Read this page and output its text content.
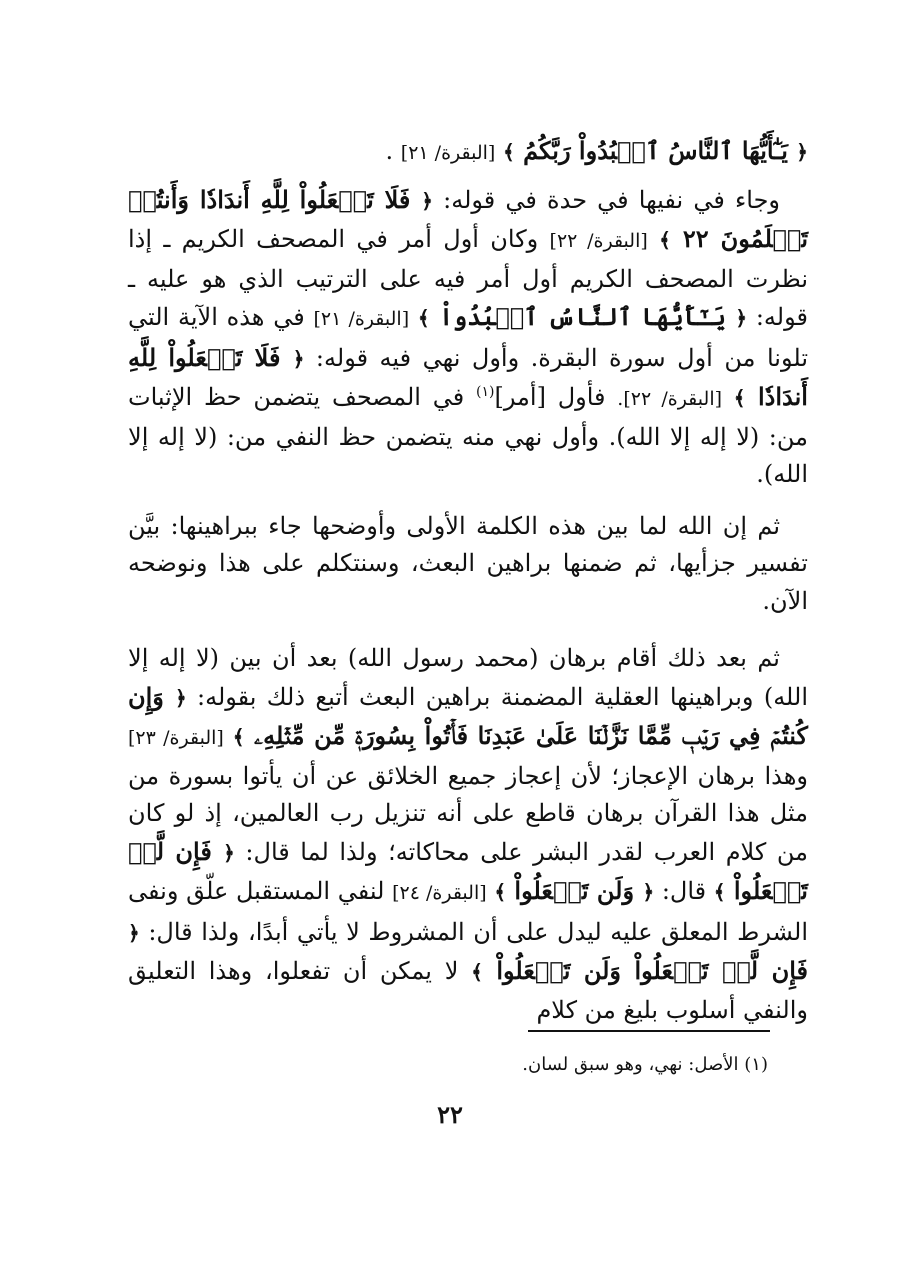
﴿ يَـٰٓأَيُّهَا ٱلنَّاسُ ٱعۡبُدُواْ رَبَّكُمُ ﴾ [البقرة/ ٢١] .

وجاء في نفيها في حدة في قوله: ﴿ فَلَا تَجۡعَلُواْ لِلَّهِ أَندَادٗا وَأَنتُمۡ تَعۡلَمُونَ ٢٢ ﴾ [البقرة/ ٢٢] وكان أول أمر في المصحف الكريم ـ إذا نظرت المصحف الكريم أول أمر فيه على الترتيب الذي هو عليه ـ قوله: ﴿ يَـٰٓأَيُّهَا ٱلنَّاسُ ٱعۡبُدُواْ ﴾ [البقرة/ ٢١] في هذه الآية التي تلونا من أول سورة البقرة. وأول نهي فيه قوله: ﴿ فَلَا تَجۡعَلُواْ لِلَّهِ أَندَادٗا ﴾ [البقرة/ ٢٢]. فأول [أمر]$^{(١)}$ في المصحف يتضمن حظ الإثبات من: (لا إله إلا الله). وأول نهي منه يتضمن حظ النفي من: (لا إله إلا الله).

ثم إن الله لما بين هذه الكلمة الأولى وأوضحها جاء ببراهينها: بيَّن تفسير جزأيها، ثم ضمنها براهين البعث، وسنتكلم على هذا ونوضحه الآن.

ثم بعد ذلك أقام برهان (محمد رسول الله) بعد أن بين (لا إله إلا الله) وبراهينها العقلية المضمنة براهين البعث أتبع ذلك بقوله: ﴿ وَإِن كُنتُمۡ فِي رَيۡبٖ مِّمَّا نَزَّلۡنَا عَلَىٰ عَبۡدِنَا فَأۡتُواْ بِسُورَةٖ مِّن مِّثۡلِهِۦ ﴾ [البقرة/ ٢٣] وهذا برهان الإعجاز؛ لأن إعجاز جميع الخلائق عن أن يأتوا بسورة من مثل هذا القرآن برهان قاطع على أنه تنزيل رب العالمين، إذ لو كان من كلام العرب لقدر البشر على محاكاته؛ ولذا لما قال: ﴿ فَإِن لَّمۡ تَفۡعَلُواْ ﴾ قال: ﴿ وَلَن تَفۡعَلُواْ ﴾ [البقرة/ ٢٤] لنفي المستقبل علّق ونفى الشرط المعلق عليه ليدل على أن المشروط لا يأتي أبدًا، ولذا قال: ﴿ فَإِن لَّمۡ تَفۡعَلُواْ وَلَن تَفۡعَلُواْ ﴾ لا يمكن أن تفعلوا، وهذا التعليق والنفي أسلوب بليغ من كلام

(١) الأصل: نهي، وهو سبق لسان.
٢٢
